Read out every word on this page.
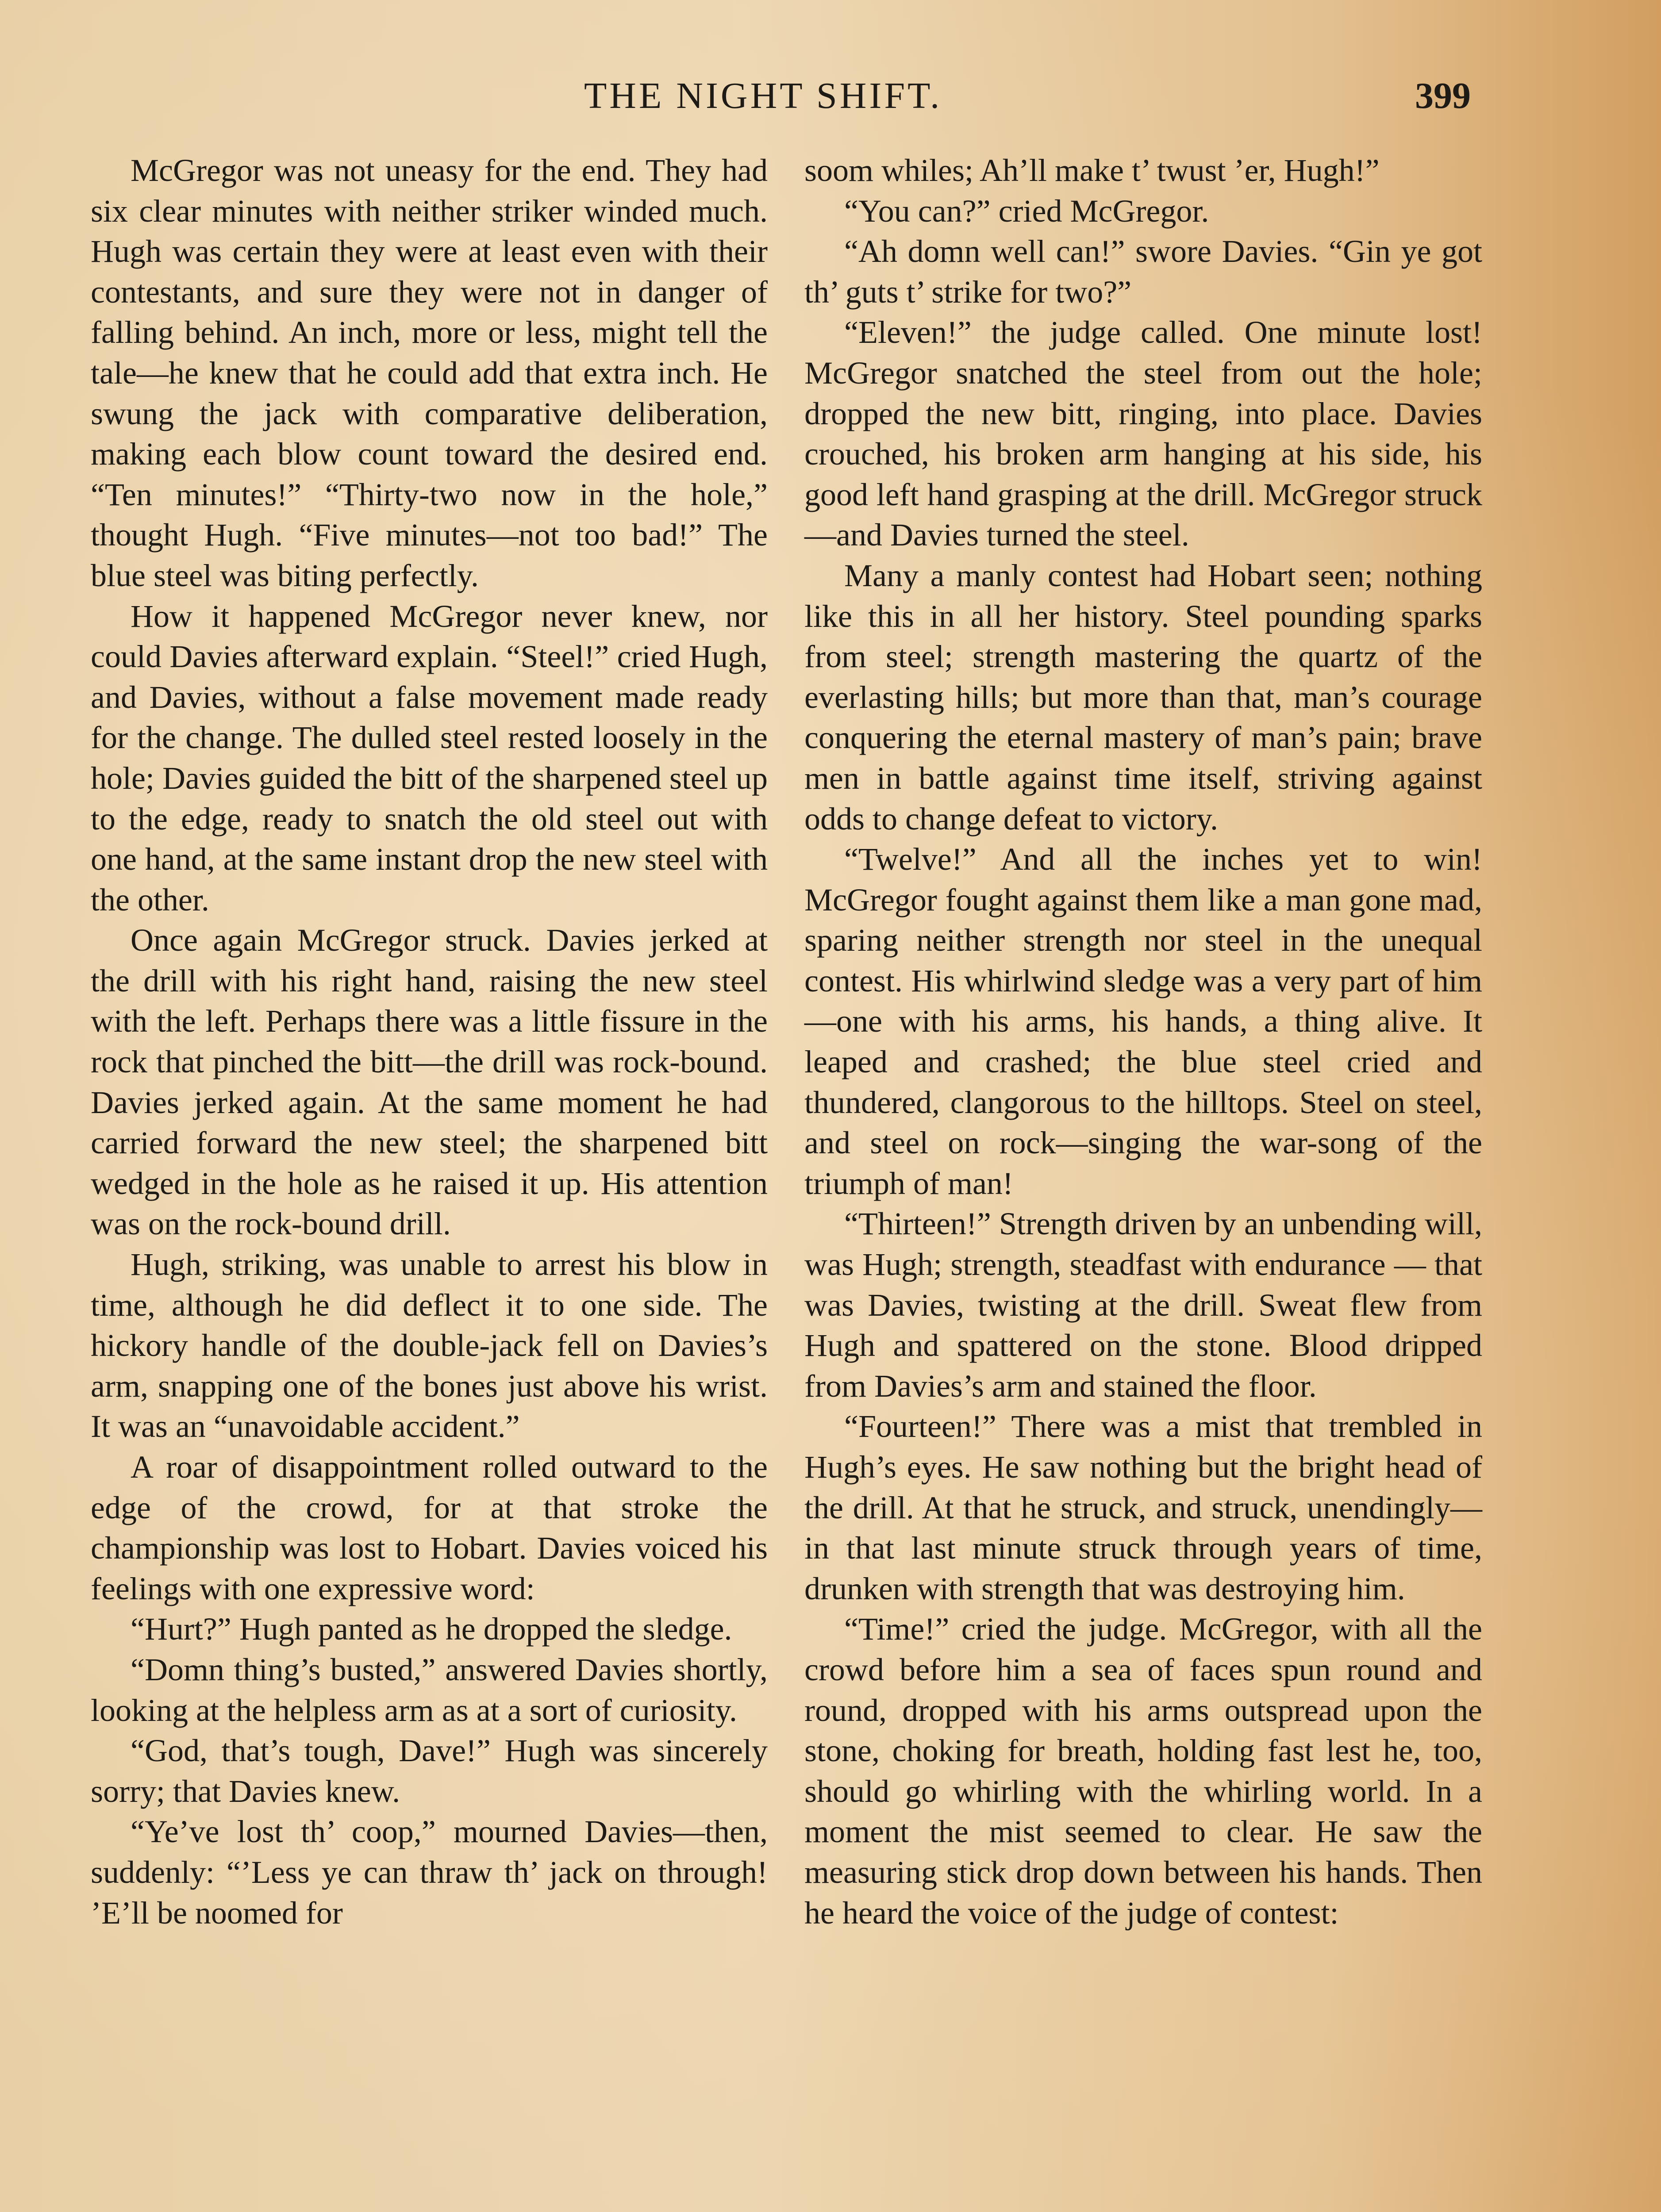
THE NIGHT SHIFT.	399

McGregor was not uneasy for the end. They had six clear minutes with neither striker winded much. Hugh was certain they were at least even with their contestants, and sure they were not in danger of falling behind. An inch, more or less, might tell the tale—he knew that he could add that extra inch. He swung the jack with comparative deliberation, making each blow count toward the desired end. “Ten minutes!” “Thirty-two now in the hole,” thought Hugh. “Five minutes—not too bad!” The blue steel was biting perfectly.

How it happened McGregor never knew, nor could Davies afterward explain. “Steel!” cried Hugh, and Davies, without a false movement made ready for the change. The dulled steel rested loosely in the hole; Davies guided the bitt of the sharpened steel up to the edge, ready to snatch the old steel out with one hand, at the same instant drop the new steel with the other.

Once again McGregor struck. Davies jerked at the drill with his right hand, raising the new steel with the left. Perhaps there was a little fissure in the rock that pinched the bitt—the drill was rock-bound. Davies jerked again. At the same moment he had carried forward the new steel; the sharpened bitt wedged in the hole as he raised it up. His attention was on the rock-bound drill.

Hugh, striking, was unable to arrest his blow in time, although he did deflect it to one side. The hickory handle of the double-jack fell on Davies’s arm, snapping one of the bones just above his wrist. It was an “unavoidable accident.”

A roar of disappointment rolled outward to the edge of the crowd, for at that stroke the championship was lost to Hobart. Davies voiced his feelings with one expressive word:

“Hurt?” Hugh panted as he dropped the sledge.

“Domn thing’s busted,” answered Davies shortly, looking at the helpless arm as at a sort of curiosity.

“God, that’s tough, Dave!” Hugh was sincerely sorry; that Davies knew.

“Ye’ve lost th’ coop,” mourned Davies—then, suddenly: “’Less ye can thraw th’ jack on through! ’E’ll be noomed for

soom whiles; Ah’ll make t’ twust ’er, Hugh!”

“You can?” cried McGregor.

“Ah domn well can!” swore Davies. “Gin ye got th’ guts t’ strike for two?”

“Eleven!” the judge called. One minute lost! McGregor snatched the steel from out the hole; dropped the new bitt, ringing, into place. Davies crouched, his broken arm hanging at his side, his good left hand grasping at the drill. McGregor struck—and Davies turned the steel.

Many a manly contest had Hobart seen; nothing like this in all her history. Steel pounding sparks from steel; strength mastering the quartz of the everlasting hills; but more than that, man’s courage conquering the eternal mastery of man’s pain; brave men in battle against time itself, striving against odds to change defeat to victory.

“Twelve!” And all the inches yet to win! McGregor fought against them like a man gone mad, sparing neither strength nor steel in the unequal contest. His whirlwind sledge was a very part of him—one with his arms, his hands, a thing alive. It leaped and crashed; the blue steel cried and thundered, clangorous to the hilltops. Steel on steel, and steel on rock—singing the war-song of the triumph of man!

“Thirteen!” Strength driven by an unbending will, was Hugh; strength, steadfast with endurance — that was Davies, twisting at the drill. Sweat flew from Hugh and spattered on the stone. Blood dripped from Davies’s arm and stained the floor.

“Fourteen!” There was a mist that trembled in Hugh’s eyes. He saw nothing but the bright head of the drill. At that he struck, and struck, unendingly—in that last minute struck through years of time, drunken with strength that was destroying him.

“Time!” cried the judge. McGregor, with all the crowd before him a sea of faces spun round and round, dropped with his arms outspread upon the stone, choking for breath, holding fast lest he, too, should go whirling with the whirling world. In a moment the mist seemed to clear. He saw the measuring stick drop down between his hands. Then he heard the voice of the judge of contest:
